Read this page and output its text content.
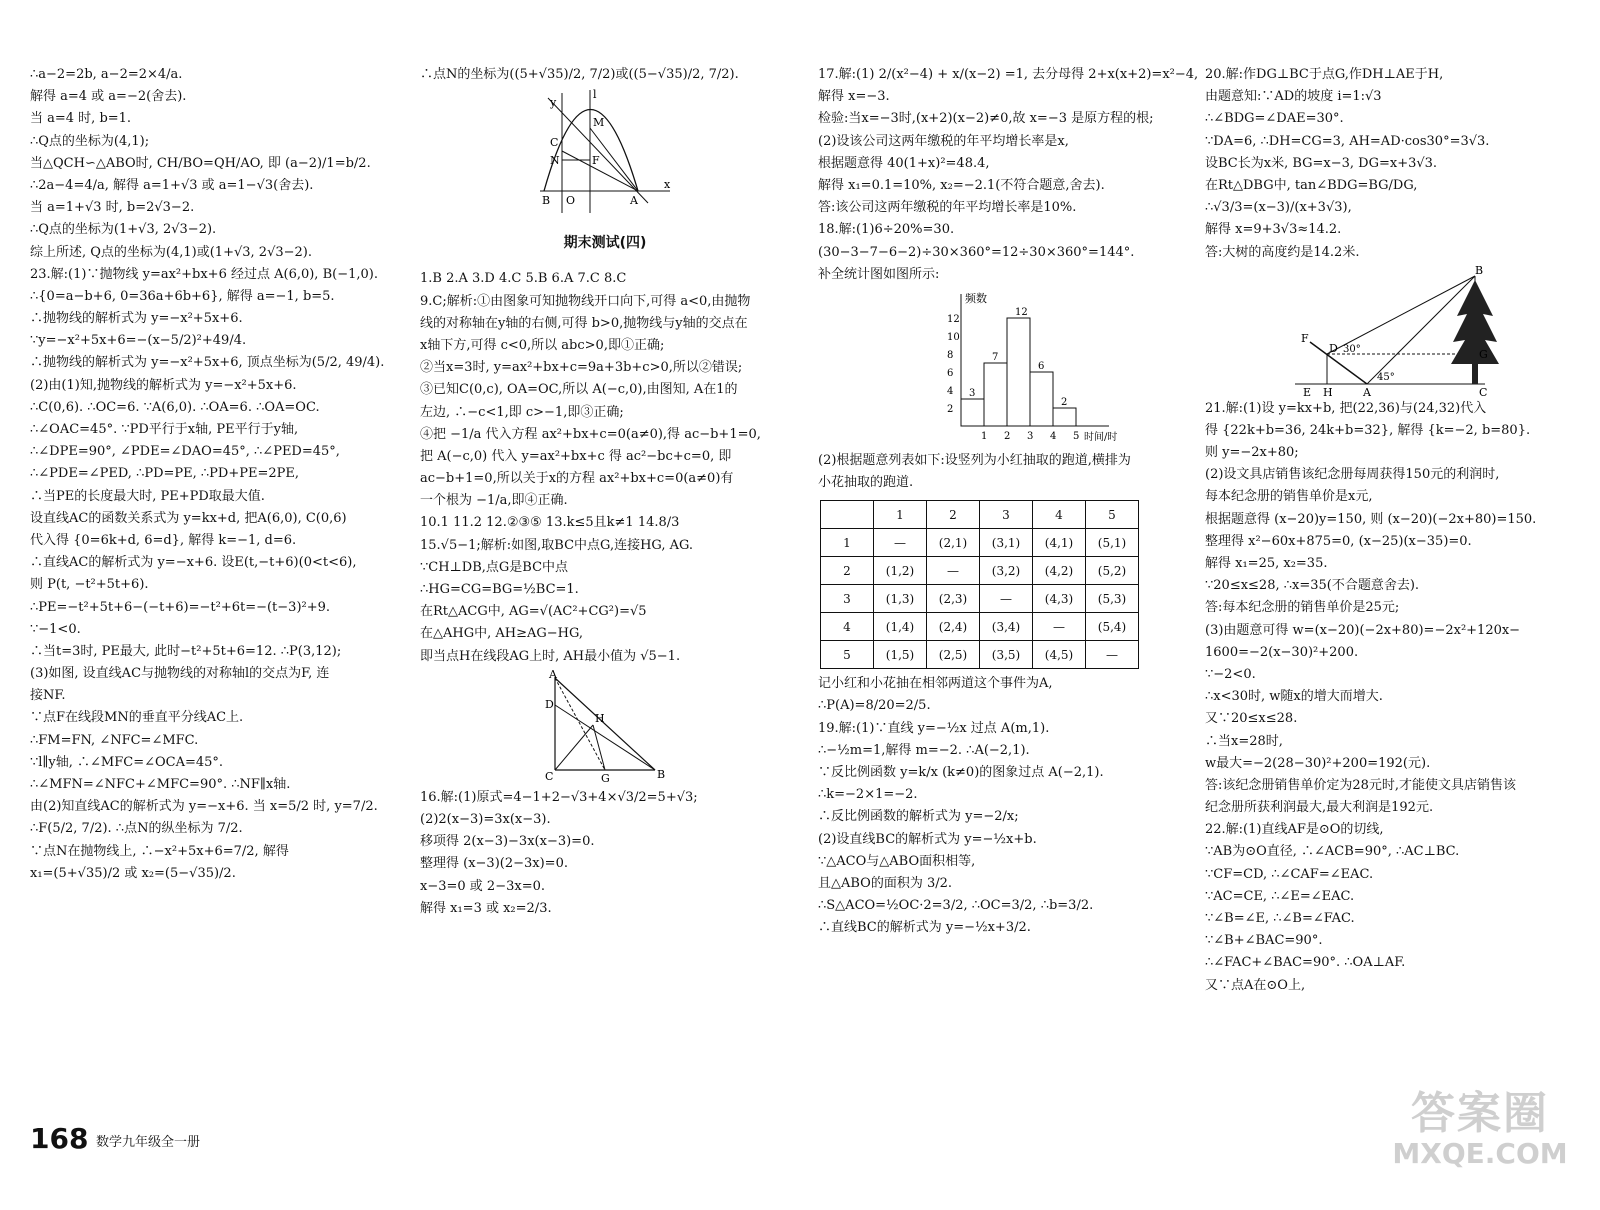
∴a−2=2b, a−2=2×4/a.
解得 a=4 或 a=−2(舍去).
当 a=4 时, b=1.
∴Q点的坐标为(4,1);
当△QCH∽△ABO时, CH/BO=QH/AO, 即 (a−2)/1=b/2.
∴2a−4=4/a, 解得 a=1+√3 或 a=1−√3(舍去).
当 a=1+√3 时, b=2√3−2.
∴Q点的坐标为(1+√3, 2√3−2).
综上所述, Q点的坐标为(4,1)或(1+√3, 2√3−2).
23.解:(1)∵抛物线 y=ax²+bx+6 经过点 A(6,0), B(−1,0).
∴{0=a−b+6, 0=36a+6b+6}, 解得 a=−1, b=5.
∴抛物线的解析式为 y=−x²+5x+6.
∵y=−x²+5x+6=−(x−5/2)²+49/4.
∴抛物线的解析式为 y=−x²+5x+6, 顶点坐标为(5/2, 49/4).
(2)由(1)知,抛物线的解析式为 y=−x²+5x+6.
∴C(0,6). ∴OC=6. ∵A(6,0). ∴OA=6. ∴OA=OC.
∴∠OAC=45°. ∵PD平行于x轴, PE平行于y轴,
∴∠DPE=90°, ∠PDE=∠DAO=45°, ∴∠PED=45°,
∴∠PDE=∠PED, ∴PD=PE, ∴PD+PE=2PE,
∴当PE的长度最大时, PE+PD取最大值.
设直线AC的函数关系式为 y=kx+d, 把A(6,0), C(0,6)
代入得 {0=6k+d, 6=d}, 解得 k=−1, d=6.
∴直线AC的解析式为 y=−x+6. 设E(t,−t+6)(0<t<6),
则 P(t, −t²+5t+6).
∴PE=−t²+5t+6−(−t+6)=−t²+6t=−(t−3)²+9.
∵−1<0.
∴当t=3时, PE最大, 此时−t²+5t+6=12. ∴P(3,12);
(3)如图, 设直线AC与抛物线的对称轴l的交点为F, 连
接NF.
∵点F在线段MN的垂直平分线AC上.
∴FM=FN, ∠NFC=∠MFC.
∵l∥y轴, ∴∠MFC=∠OCA=45°.
∴∠MFN=∠NFC+∠MFC=90°. ∴NF∥x轴.
由(2)知直线AC的解析式为 y=−x+6. 当 x=5/2 时, y=7/2.
∴F(5/2, 7/2). ∴点N的纵坐标为 7/2.
∵点N在抛物线上, ∴−x²+5x+6=7/2, 解得
x₁=(5+√35)/2 或 x₂=(5−√35)/2.
∴点N的坐标为((5+√35)/2, 7/2)或((5−√35)/2, 7/2).
y
l
M
C
F
N
B O	A
x
期末测试(四)
1.B 2.A 3.D 4.C 5.B 6.A 7.C 8.C
9.C;解析:①由图象可知抛物线开口向下,可得 a<0,由抛物
线的对称轴在y轴的右侧,可得 b>0,抛物线与y轴的交点在
x轴下方,可得 c<0,所以 abc>0,即①正确;
②当x=3时, y=ax²+bx+c=9a+3b+c>0,所以②错误;
③已知C(0,c), OA=OC,所以 A(−c,0),由图知, A在1的
左边, ∴−c<1,即 c>−1,即③正确;
④把 −1/a 代入方程 ax²+bx+c=0(a≠0),得 ac−b+1=0,
把 A(−c,0) 代入 y=ax²+bx+c 得 ac²−bc+c=0, 即
ac−b+1=0,所以关于x的方程 ax²+bx+c=0(a≠0)有
一个根为 −1/a,即④正确.
10.1 11.2 12.②③⑤ 13.k≤5且k≠1 14.8/3
15.√5−1;解析:如图,取BC中点G,连接HG, AG.
∵CH⊥DB,点G是BC中点
∴HG=CG=BG=½BC=1.
在Rt△ACG中, AG=√(AC²+CG²)=√5
在△AHG中, AH≥AG−HG,
即当点H在线段AG上时, AH最小值为 √5−1.
A
D
H
C	G	B
16.解:(1)原式=4−1+2−√3+4×√3/2=5+√3;
(2)2(x−3)=3x(x−3).
移项得 2(x−3)−3x(x−3)=0.
整理得 (x−3)(2−3x)=0.
x−3=0 或 2−3x=0.
解得 x₁=3 或 x₂=2/3.
17.解:(1) 2/(x²−4) + x/(x−2) =1, 去分母得 2+x(x+2)=x²−4,
解得 x=−3.
检验:当x=−3时,(x+2)(x−2)≠0,故 x=−3 是原方程的根;
(2)设该公司这两年缴税的年平均增长率是x,
根据题意得 40(1+x)²=48.4,
解得 x₁=0.1=10%, x₂=−2.1(不符合题意,舍去).
答:该公司这两年缴税的年平均增长率是10%.
18.解:(1)6÷20%=30.
(30−3−7−6−2)÷30×360°=12÷30×360°=144°.
补全统计图如图所示:
频数
时间/时
2
4
6
8
10
12
3
1
7
2
12
3
6
4
2
5
(2)根据题意列表如下:设竖列为小红抽取的跑道,横排为
小花抽取的跑道.
	1	2	3	4	5
1	—	(2,1)	(3,1)	(4,1)	(5,1)
2	(1,2)	—	(3,2)	(4,2)	(5,2)
3	(1,3)	(2,3)	—	(4,3)	(5,3)
4	(1,4)	(2,4)	(3,4)	—	(5,4)
5	(1,5)	(2,5)	(3,5)	(4,5)	—
记小红和小花抽在相邻两道这个事件为A,
∴P(A)=8/20=2/5.
19.解:(1)∵直线 y=−½x 过点 A(m,1).
∴−½m=1,解得 m=−2. ∴A(−2,1).
∵反比例函数 y=k/x (k≠0)的图象过点 A(−2,1).
∴k=−2×1=−2.
∴反比例函数的解析式为 y=−2/x;
(2)设直线BC的解析式为 y=−½x+b.
∵△ACO与△ABO面积相等,
且△ABO的面积为 3/2.
∴S△ACO=½OC·2=3/2, ∴OC=3/2, ∴b=3/2.
∴直线BC的解析式为 y=−½x+3/2.
20.解:作DG⊥BC于点G,作DH⊥AE于H,
由题意知:∵AD的坡度 i=1:√3
∴∠BDG=∠DAE=30°.
∵DA=6, ∴DH=CG=3, AH=AD·cos30°=3√3.
设BC长为x米, BG=x−3, DG=x+3√3.
在Rt△DBG中, tan∠BDG=BG/DG,
∴√3/3=(x−3)/(x+3√3),
解得 x=9+3√3≈14.2.
答:大树的高度约是14.2米.
B
F
D 30°
45°
E H	A
G
C
21.解:(1)设 y=kx+b, 把(22,36)与(24,32)代入
得 {22k+b=36, 24k+b=32}, 解得 {k=−2, b=80}.
则 y=−2x+80;
(2)设文具店销售该纪念册每周获得150元的利润时,
每本纪念册的销售单价是x元,
根据题意得 (x−20)y=150, 则 (x−20)(−2x+80)=150.
整理得 x²−60x+875=0, (x−25)(x−35)=0.
解得 x₁=25, x₂=35.
∵20≤x≤28, ∴x=35(不合题意舍去).
答:每本纪念册的销售单价是25元;
(3)由题意可得 w=(x−20)(−2x+80)=−2x²+120x−
1600=−2(x−30)²+200.
∵−2<0.
∴x<30时, w随x的增大而增大.
又∵20≤x≤28.
∴当x=28时,
w最大=−2(28−30)²+200=192(元).
答:该纪念册销售单价定为28元时,才能使文具店销售该
纪念册所获利润最大,最大利润是192元.
22.解:(1)直线AF是⊙O的切线,
∵AB为⊙O直径, ∴∠ACB=90°, ∴AC⊥BC.
∵CF=CD, ∴∠CAF=∠EAC.
∵AC=CE, ∴∠E=∠EAC.
∵∠B=∠E, ∴∠B=∠FAC.
∵∠B+∠BAC=90°.
∴∠FAC+∠BAC=90°. ∴OA⊥AF.
又∵点A在⊙O上,
168 数学九年级全一册
答案圈
MXQE.COM
